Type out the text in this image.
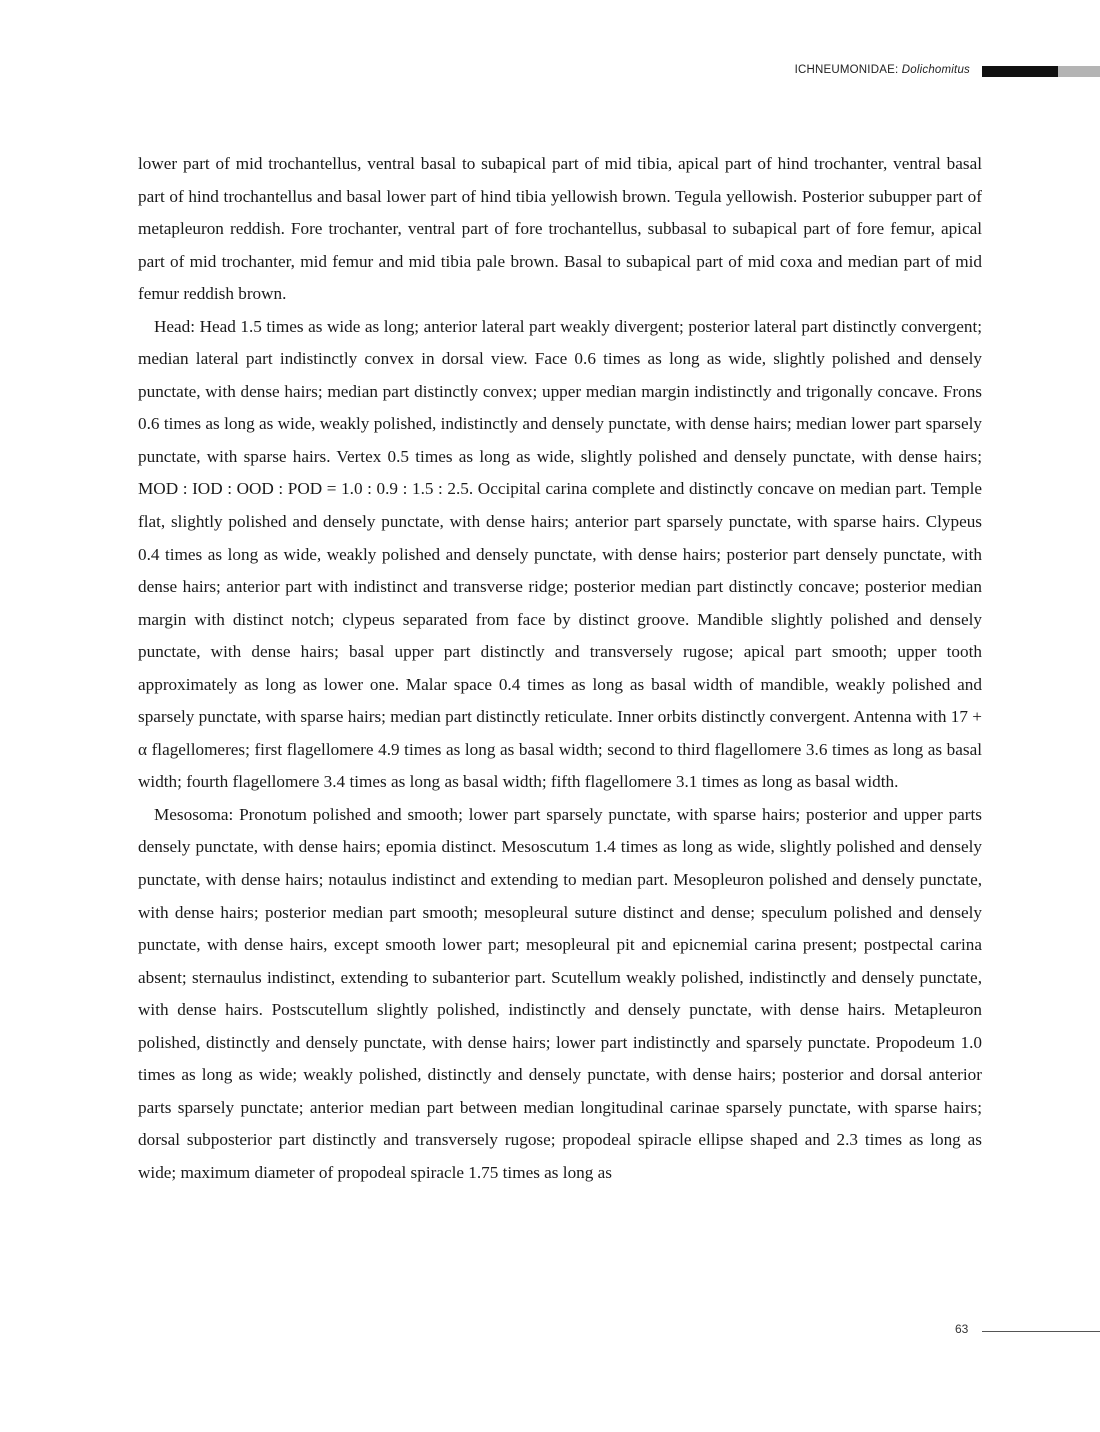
ICHNEUMONIDAE: Dolichomitus

lower part of mid trochantellus, ventral basal to subapical part of mid tibia, apical part of hind trochanter, ventral basal part of hind trochantellus and basal lower part of hind tibia yellowish brown. Tegula yellowish. Posterior subupper part of metapleuron reddish. Fore trochanter, ventral part of fore trochantellus, subbasal to subapical part of fore femur, apical part of mid trochanter, mid femur and mid tibia pale brown. Basal to subapical part of mid coxa and median part of mid femur reddish brown.

Head: Head 1.5 times as wide as long; anterior lateral part weakly divergent; posterior lateral part distinctly convergent; median lateral part indistinctly convex in dorsal view. Face 0.6 times as long as wide, slightly polished and densely punctate, with dense hairs; median part distinctly convex; upper median margin indistinctly and trigonally concave. Frons 0.6 times as long as wide, weakly polished, indistinctly and densely punctate, with dense hairs; median lower part sparsely punctate, with sparse hairs. Vertex 0.5 times as long as wide, slightly polished and densely punctate, with dense hairs; MOD : IOD : OOD : POD = 1.0 : 0.9 : 1.5 : 2.5. Occipital carina complete and distinctly concave on median part. Temple flat, slightly polished and densely punctate, with dense hairs; anterior part sparsely punctate, with sparse hairs. Clypeus 0.4 times as long as wide, weakly polished and densely punctate, with dense hairs; posterior part densely punctate, with dense hairs; anterior part with indistinct and transverse ridge; posterior median part distinctly concave; posterior median margin with distinct notch; clypeus separated from face by distinct groove. Mandible slightly polished and densely punctate, with dense hairs; basal upper part distinctly and transversely rugose; apical part smooth; upper tooth approximately as long as lower one. Malar space 0.4 times as long as basal width of mandible, weakly polished and sparsely punctate, with sparse hairs; median part distinctly reticulate. Inner orbits distinctly convergent. Antenna with 17 + α flagellomeres; first flagellomere 4.9 times as long as basal width; second to third flagellomere 3.6 times as long as basal width; fourth flagellomere 3.4 times as long as basal width; fifth flagellomere 3.1 times as long as basal width.

Mesosoma: Pronotum polished and smooth; lower part sparsely punctate, with sparse hairs; posterior and upper parts densely punctate, with dense hairs; epomia distinct. Mesoscutum 1.4 times as long as wide, slightly polished and densely punctate, with dense hairs; notaulus indistinct and extending to median part. Mesopleuron polished and densely punctate, with dense hairs; posterior median part smooth; mesopleural suture distinct and dense; speculum polished and densely punctate, with dense hairs, except smooth lower part; mesopleural pit and epicnemial carina present; postpectal carina absent; sternaulus indistinct, extending to subanterior part. Scutellum weakly polished, indistinctly and densely punctate, with dense hairs. Postscutellum slightly polished, indistinctly and densely punctate, with dense hairs. Metapleuron polished, distinctly and densely punctate, with dense hairs; lower part indistinctly and sparsely punctate. Propodeum 1.0 times as long as wide; weakly polished, distinctly and densely punctate, with dense hairs; posterior and dorsal anterior parts sparsely punctate; anterior median part between median longitudinal carinae sparsely punctate, with sparse hairs; dorsal subposterior part distinctly and transversely rugose; propodeal spiracle ellipse shaped and 2.3 times as long as wide; maximum diameter of propodeal spiracle 1.75 times as long as

63
